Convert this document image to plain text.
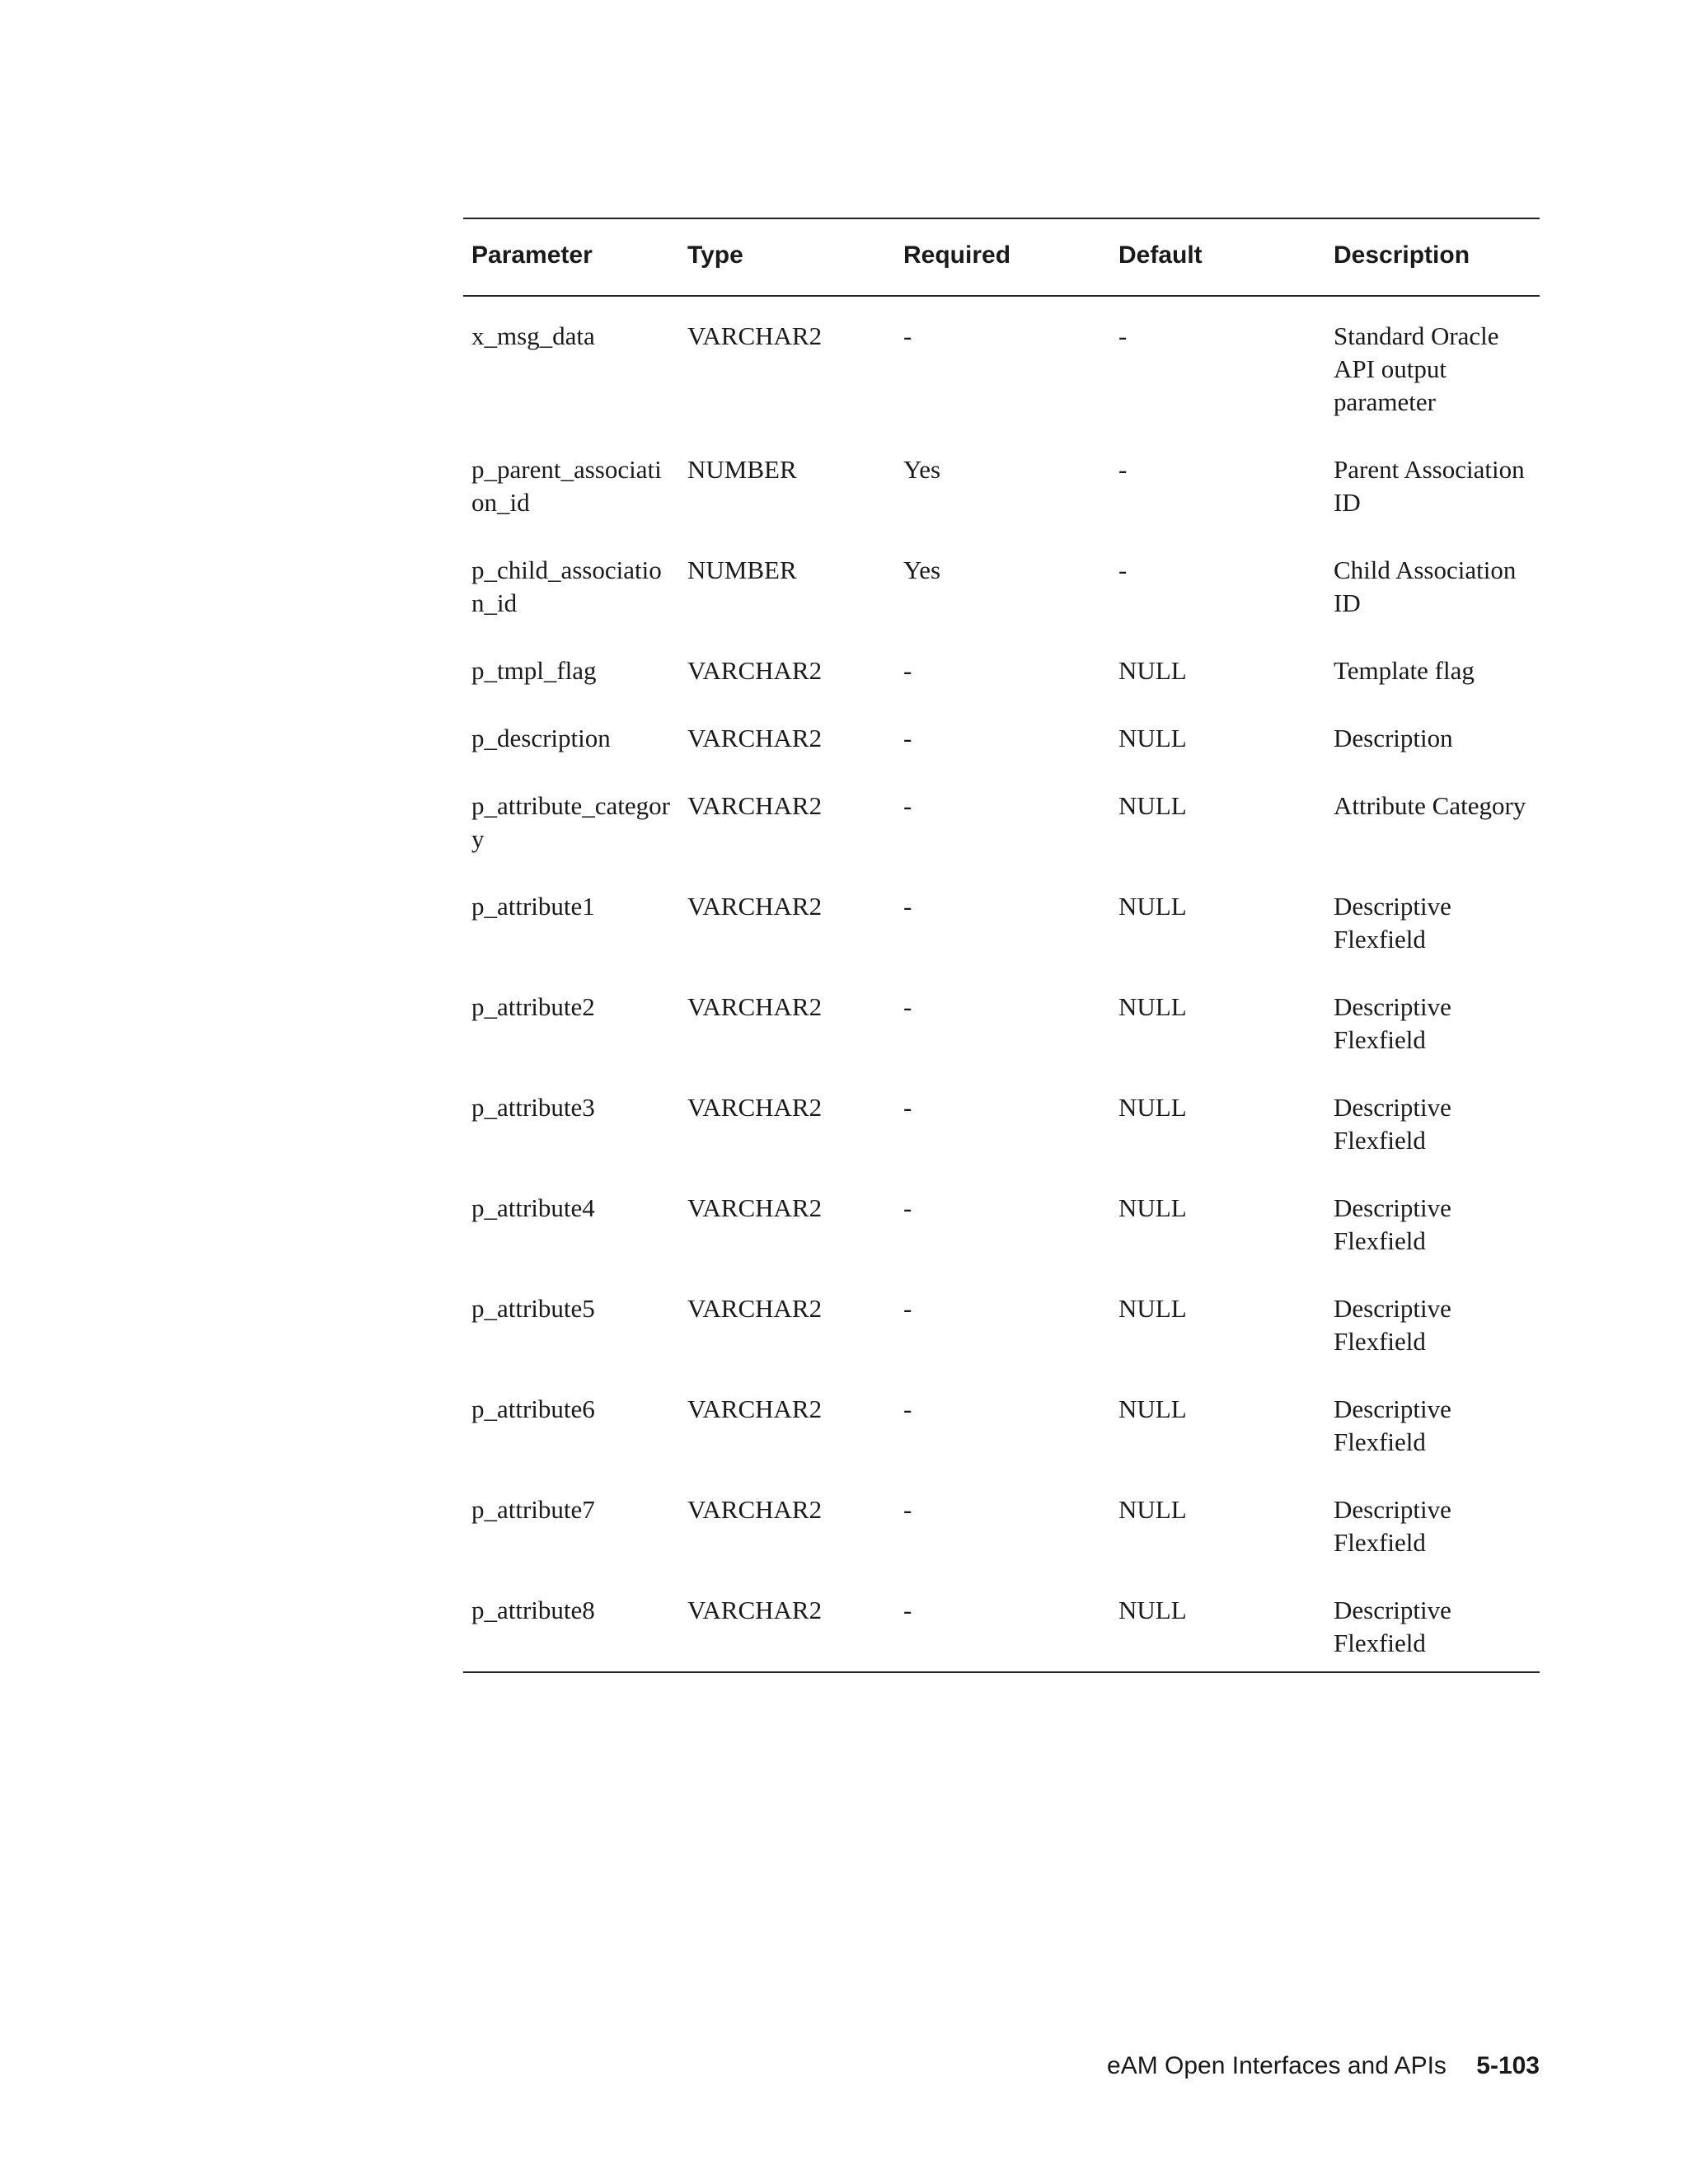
Parameter	Type	Required	Default	Description
x_msg_data	VARCHAR2	-	-	Standard Oracle API output parameter
p_parent_association_id	NUMBER	Yes	-	Parent Association ID
p_child_association_id	NUMBER	Yes	-	Child Association ID
p_tmpl_flag	VARCHAR2	-	NULL	Template flag
p_description	VARCHAR2	-	NULL	Description
p_attribute_category	VARCHAR2	-	NULL	Attribute Category
p_attribute1	VARCHAR2	-	NULL	Descriptive Flexfield
p_attribute2	VARCHAR2	-	NULL	Descriptive Flexfield
p_attribute3	VARCHAR2	-	NULL	Descriptive Flexfield
p_attribute4	VARCHAR2	-	NULL	Descriptive Flexfield
p_attribute5	VARCHAR2	-	NULL	Descriptive Flexfield
p_attribute6	VARCHAR2	-	NULL	Descriptive Flexfield
p_attribute7	VARCHAR2	-	NULL	Descriptive Flexfield
p_attribute8	VARCHAR2	-	NULL	Descriptive Flexfield
eAM Open Interfaces and APIs 5-103
